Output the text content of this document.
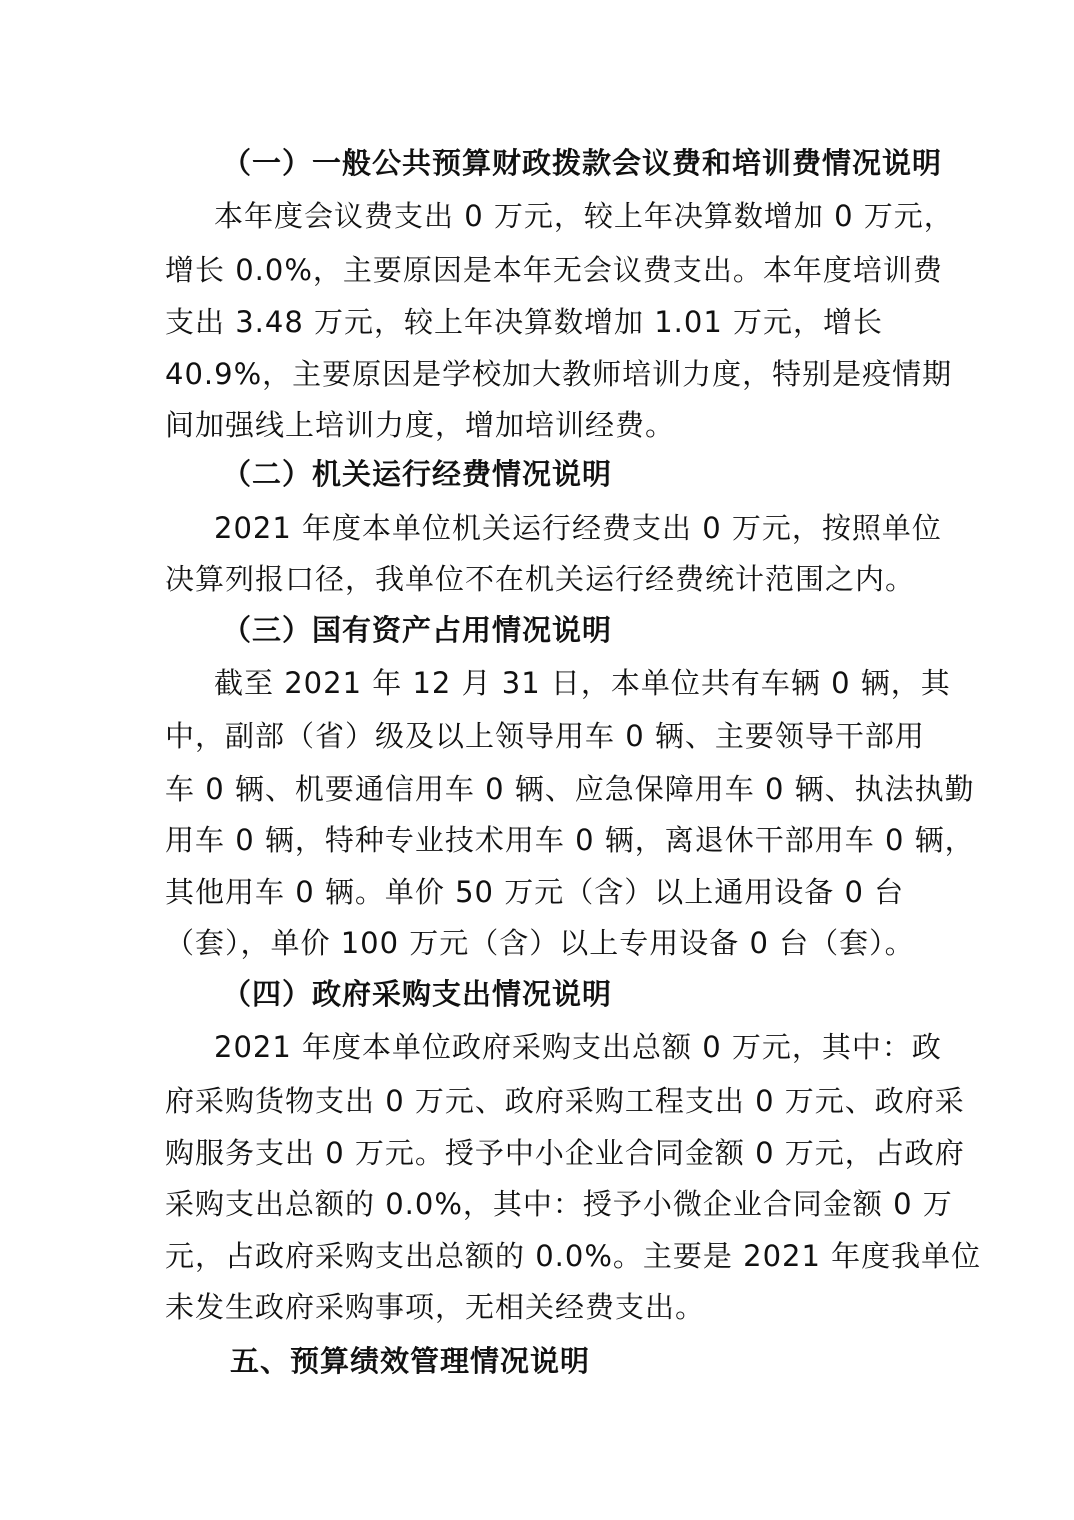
（一）一般公共预算财政拨款会议费和培训费情况说明
本年度会议费支出 0 万元，较上年决算数增加 0 万元，
增长 0.0%，主要原因是本年无会议费支出。本年度培训费
支出 3.48 万元，较上年决算数增加 1.01 万元，增长
40.9%，主要原因是学校加大教师培训力度，特别是疫情期
间加强线上培训力度，增加培训经费。
（二）机关运行经费情况说明
2021 年度本单位机关运行经费支出 0 万元，按照单位
决算列报口径，我单位不在机关运行经费统计范围之内。
（三）国有资产占用情况说明
截至 2021 年 12 月 31 日，本单位共有车辆 0 辆，其
中，副部（省）级及以上领导用车 0 辆、主要领导干部用
车 0 辆、机要通信用车 0 辆、应急保障用车 0 辆、执法执勤
用车 0 辆，特种专业技术用车 0 辆，离退休干部用车 0 辆，
其他用车 0 辆。单价 50 万元（含）以上通用设备 0 台
（套），单价 100 万元（含）以上专用设备 0 台（套）。
（四）政府采购支出情况说明
2021 年度本单位政府采购支出总额 0 万元，其中：政
府采购货物支出 0 万元、政府采购工程支出 0 万元、政府采
购服务支出 0 万元。授予中小企业合同金额 0 万元，占政府
采购支出总额的 0.0%，其中：授予小微企业合同金额 0 万
元，占政府采购支出总额的 0.0%。主要是 2021 年度我单位
未发生政府采购事项，无相关经费支出。
五、预算绩效管理情况说明
